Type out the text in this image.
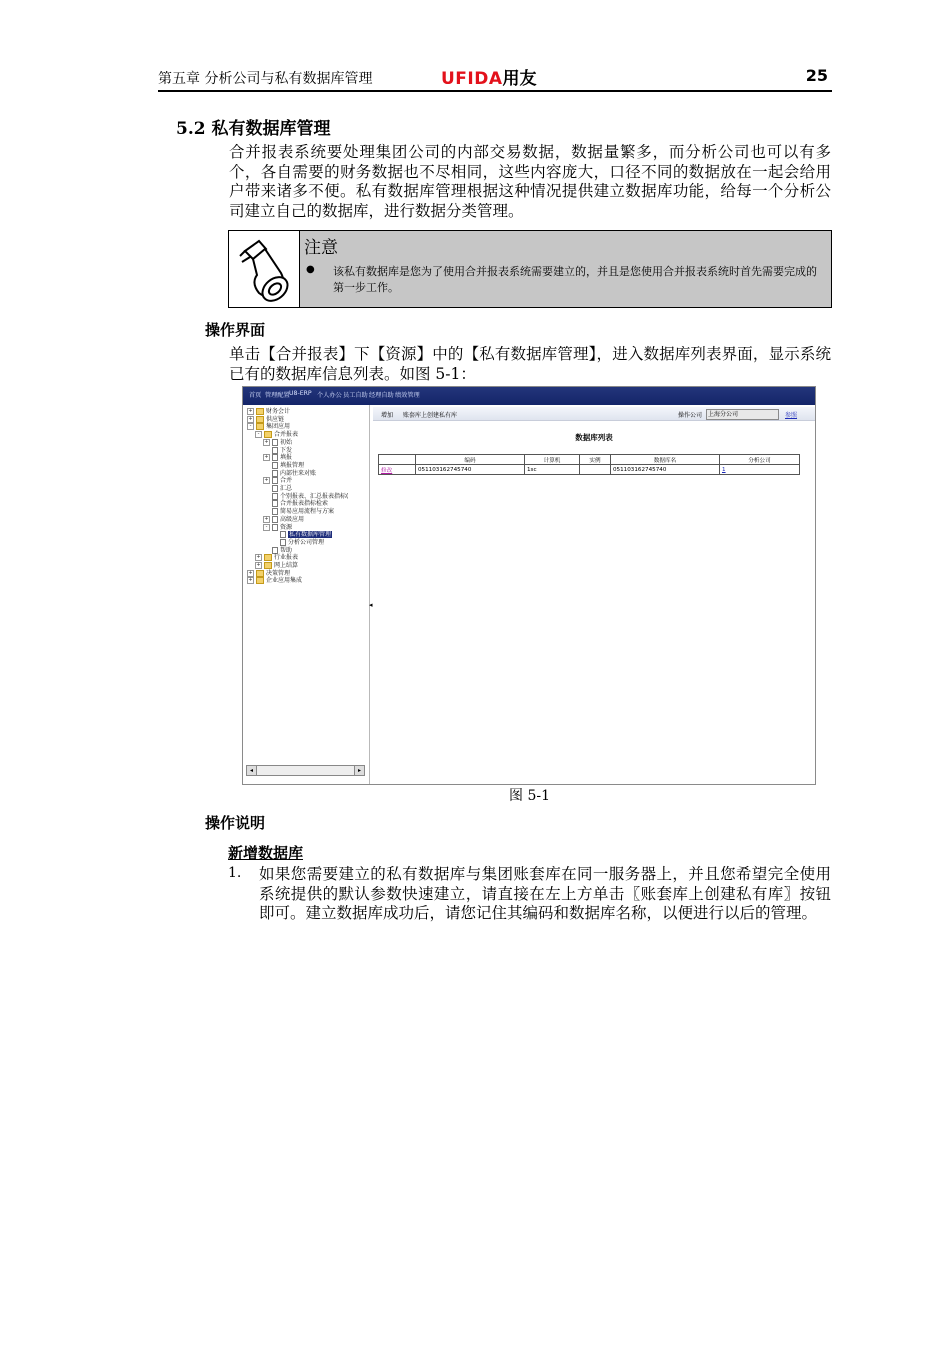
第五章 分析公司与私有数据库管理	UFIDA用友	25
5.2 私有数据库管理
合并报表系统要处理集团公司的内部交易数据，数据量繁多，而分析公司也可以有多个，各自需要的财务数据也不尽相同，这些内容庞大，口径不同的数据放在一起会给用户带来诸多不便。私有数据库管理根据这种情况提供建立数据库功能，给每一个分析公司建立自己的数据库，进行数据分类管理。
注意
● 该私有数据库是您为了使用合并报表系统需要建立的，并且是您使用合并报表系统时首先需要完成的第一步工作。
操作界面
单击【合并报表】下【资源】中的【私有数据库管理】，进入数据库列表界面，显示系统已有的数据库信息列表。如图 5-1：
首页 管理配置 U8-ERP 个人办公 员工自助 经理自助 绩效管理
◂	▸
+ 财务会计
+ 供应链
- 集团应用
- 合并报表
+ 初始
下发
+ 填报
填报管理
内部往来对账
+ 合并
汇总
个别报表、汇总报表指标(
合并报表指标检索
简易应用流程与方案
+ 高级应用
- 资源
私有数据库管理
分析公司管理
帮助
+ 行业报表
+ 网上结算
+ 决策管理
+ 企业应用集成
◂
增加 账套库上创建私有库	操作公司 上海分公司	参照
数据库列表
	编码	计算机	实例	数据库名	分析公司
修改	051103162745740	1sc		051103162745740	1
图 5-1
操作说明
新增数据库
1. 如果您需要建立的私有数据库与集团账套库在同一服务器上，并且您希望完全使用系统提供的默认参数快速建立，请直接在左上方单击〖账套库上创建私有库〗按钮即可。建立数据库成功后，请您记住其编码和数据库名称，以便进行以后的管理。
